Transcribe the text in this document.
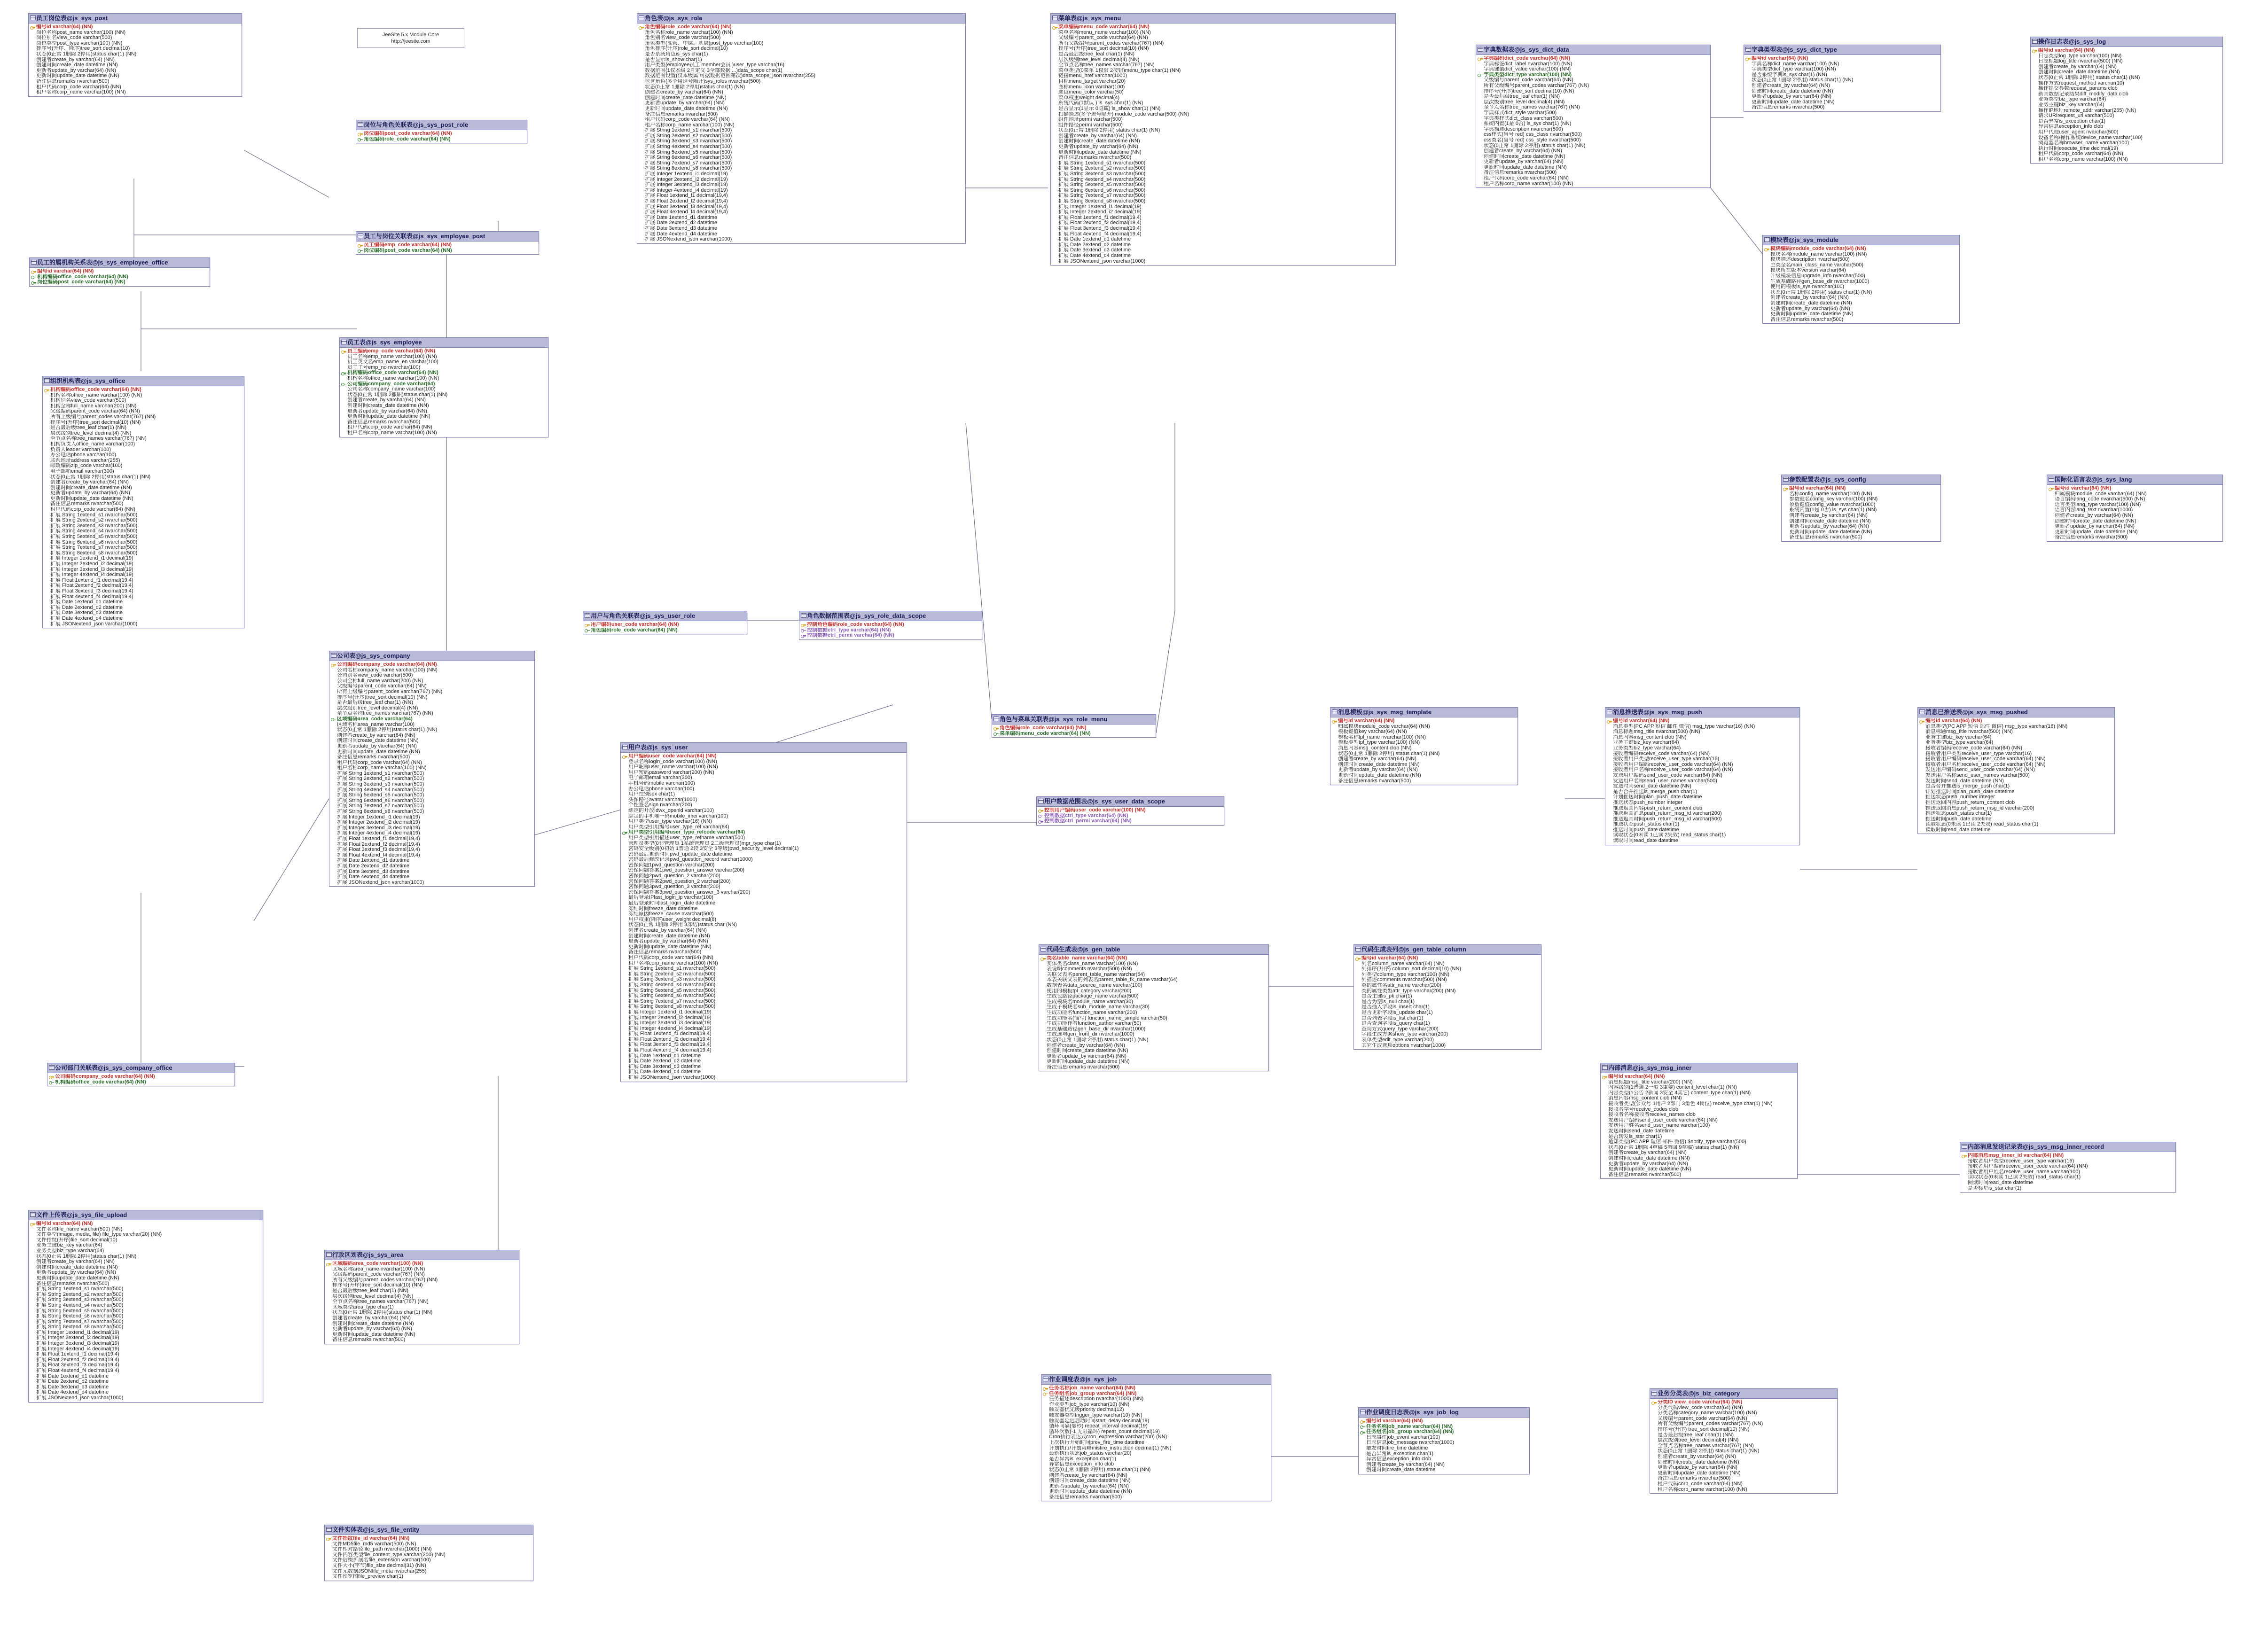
员工岗位表@js_sys_post
编号id varchar(64) (NN)
岗位名称post_name varchar(100) (NN)
岗位别名view_code varchar(500)
岗位类型post_type varchar(100) (NN)
排序号(升序、降序)tree_sort decimal(10)
状态(0正常 1删除 2停用)status char(1) (NN)
创建者create_by varchar(64) (NN)
创建时间create_date datetime (NN)
更新者update_by varchar(64) (NN)
更新时间update_date datetime (NN)
备注信息remarks nvarchar(500)
租户代码corp_code varchar(64) (NN)
租户名称corp_name varchar(100) (NN)
岗位与角色关联表@js_sys_post_role
岗位编码post_code varchar(64) (NN)
角色编码role_code varchar(64) (NN)
员工与岗位关联表@js_sys_employee_post
员工编码emp_code varchar(64) (NN)
岗位编码post_code varchar(64) (NN)
员工的属机构关系表@js_sys_employee_office
编号id varchar(64) (NN)
机构编码office_code varchar(64) (NN)
岗位编码post_code varchar(64) (NN)
员工表@js_sys_employee
员工编码emp_code varchar(64) (NN)
员工名称emp_name varchar(100) (NN)
员工英文名emp_name_en varchar(100)
员工工号emp_no nvarchar(100)
机构编码office_code varchar(64) (NN)
机构名称office_name varchar(100) (NN)
公司编码company_code varchar(64)
公司名称company_name varchar(100)
状态(0正常 1删除 2撤职)status char(1) (NN)
创建者create_by varchar(64) (NN)
创建时间create_date datetime (NN)
更新者update_by varchar(64) (NN)
更新时间update_date datetime (NN)
备注信息remarks nvarchar(500)
租户代码corp_code varchar(64) (NN)
租户名称corp_name varchar(100) (NN)
组织机构表@js_sys_office
机构编码office_code varchar(64) (NN)
机构名称office_name varchar(100) (NN)
机构别名view_code varchar(500)
机构全称full_name varchar(200) (NN)
父级编码parent_code varchar(64) (NN)
所有上级编号parent_codes varchar(767) (NN)
排序号(升序)tree_sort decimal(10) (NN)
是否最后级tree_leaf char(1) (NN)
层次级别tree_level decimal(4) (NN)
全节点名称tree_names varchar(767) (NN)
机构负责人office_name varchar(100)
负责人leader varchar(100)
办公电话phone varchar(100)
联系地址address varchar(255)
邮政编码zip_code varchar(100)
电子邮箱email varchar(300)
状态(0正常 1删除 2停用)status char(1) (NN)
创建者create_by varchar(64) (NN)
创建时间create_date datetime (NN)
更新者update_by varchar(64) (NN)
更新时间update_date datetime (NN)
备注信息remarks nvarchar(500)
租户代码corp_code varchar(64) (NN)
扩展 String 1extend_s1 nvarchar(500)
扩展 String 2extend_s2 nvarchar(500)
扩展 String 3extend_s3 nvarchar(500)
扩展 String 4extend_s4 nvarchar(500)
扩展 String 5extend_s5 nvarchar(500)
扩展 String 6extend_s6 nvarchar(500)
扩展 String 7extend_s7 nvarchar(500)
扩展 String 8extend_s8 nvarchar(500)
扩展 Integer 1extend_i1 decimal(19)
扩展 Integer 2extend_i2 decimal(19)
扩展 Integer 3extend_i3 decimal(19)
扩展 Integer 4extend_i4 decimal(19)
扩展 Float 1extend_f1 decimal(19,4)
扩展 Float 2extend_f2 decimal(19,4)
扩展 Float 3extend_f3 decimal(19,4)
扩展 Float 4extend_f4 decimal(19,4)
扩展 Date 1extend_d1 datetime
扩展 Date 2extend_d2 datetime
扩展 Date 3extend_d3 datetime
扩展 Date 4extend_d4 datetime
扩展 JSONextend_json varchar(1000)
公司表@js_sys_company
公司编码company_code varchar(64) (NN)
公司名称company_name varchar(100) (NN)
公司别名view_code varchar(500)
公司全称full_name varchar(200) (NN)
父级编号parent_code varchar(64) (NN)
所有上级编号parent_codes varchar(767) (NN)
排序号(升序)tree_sort decimal(10) (NN)
是否最后级tree_leaf char(1) (NN)
层次级别tree_level decimal(4) (NN)
全节点名称tree_names varchar(767) (NN)
区域编码area_code varchar(64)
区域名称area_name varchar(100)
状态(0正常 1删除 2停用)status char(1) (NN)
创建者create_by varchar(64) (NN)
创建时间create_date datetime (NN)
更新者update_by varchar(64) (NN)
更新时间update_date datetime (NN)
备注信息remarks nvarchar(500)
租户代码corp_code varchar(64) (NN)
租户名称corp_name varchar(100) (NN)
扩展 String 1extend_s1 nvarchar(500)
扩展 String 2extend_s2 nvarchar(500)
扩展 String 3extend_s3 nvarchar(500)
扩展 String 4extend_s4 nvarchar(500)
扩展 String 5extend_s5 nvarchar(500)
扩展 String 6extend_s6 nvarchar(500)
扩展 String 7extend_s7 nvarchar(500)
扩展 String 8extend_s8 nvarchar(500)
扩展 Integer 1extend_i1 decimal(19)
扩展 Integer 2extend_i2 decimal(19)
扩展 Integer 3extend_i3 decimal(19)
扩展 Integer 4extend_i4 decimal(19)
扩展 Float 1extend_f1 decimal(19,4)
扩展 Float 2extend_f2 decimal(19,4)
扩展 Float 3extend_f3 decimal(19,4)
扩展 Float 4extend_f4 decimal(19,4)
扩展 Date 1extend_d1 datetime
扩展 Date 2extend_d2 datetime
扩展 Date 3extend_d3 datetime
扩展 Date 4extend_d4 datetime
扩展 JSONextend_json varchar(1000)
公司部门关联表@js_sys_company_office
公司编码company_code varchar(64) (NN)
机构编码office_code varchar(64) (NN)
文件上传表@js_sys_file_upload
编号id varchar(64) (NN)
文件名称file_name varchar(500) (NN)
文件类型(image, media, file) file_type varchar(20) (NN)
文件指纹(升序)file_sort decimal(10)
业务主键biz_key varchar(64)
业务类型biz_type varchar(64)
状态(0正常 1删除 2停用)status char(1) (NN)
创建者create_by varchar(64) (NN)
创建时间create_date datetime (NN)
更新者update_by varchar(64) (NN)
更新时间update_date datetime (NN)
备注信息remarks nvarchar(500)
扩展 String 1extend_s1 nvarchar(500)
扩展 String 2extend_s2 nvarchar(500)
扩展 String 3extend_s3 nvarchar(500)
扩展 String 4extend_s4 nvarchar(500)
扩展 String 5extend_s5 nvarchar(500)
扩展 String 6extend_s6 nvarchar(500)
扩展 String 7extend_s7 nvarchar(500)
扩展 String 8extend_s8 nvarchar(500)
扩展 Integer 1extend_i1 decimal(19)
扩展 Integer 2extend_i2 decimal(19)
扩展 Integer 3extend_i3 decimal(19)
扩展 Integer 4extend_i4 decimal(19)
扩展 Float 1extend_f1 decimal(19,4)
扩展 Float 2extend_f2 decimal(19,4)
扩展 Float 3extend_f3 decimal(19,4)
扩展 Float 4extend_f4 decimal(19,4)
扩展 Date 1extend_d1 datetime
扩展 Date 2extend_d2 datetime
扩展 Date 3extend_d3 datetime
扩展 Date 4extend_d4 datetime
扩展 JSONextend_json varchar(1000)
行政区划表@js_sys_area
区域编码area_code varchar(100) (NN)
区域名称area_name nvarchar(100) (NN)
父级编码parent_code varchar(767) (NN)
所有父级编号parent_codes varchar(767) (NN)
排序号(升序)tree_sort decimal(10) (NN)
是否最后级tree_leaf char(1) (NN)
层次级别tree_level decimal(4) (NN)
全节点名称tree_names varchar(767) (NN)
区域类型area_type char(1)
状态(0正常 1删除 2停用)status char(1) (NN)
创建者create_by varchar(64) (NN)
创建时间create_date datetime (NN)
更新者update_by varchar(64) (NN)
更新时间update_date datetime (NN)
备注信息remarks nvarchar(500)
文件实体表@js_sys_file_entity
文件指纹file_id varchar(64) (NN)
文件MD5file_md5 varchar(500) (NN)
文件相对路径file_path nvarchar(1000) (NN)
文件内容类型file_content_type varchar(200) (NN)
文件后缀扩展名file_extension varchar(100)
文件大小(字节)file_size decimal(31) (NN)
文件元数据JSONfile_meta nvarchar(255)
文件预览图file_preview char(1)
角色表@js_sys_role
角色编码role_code varchar(64) (NN)
角色名称role_name varchar(100) (NN)
角色别名view_code varchar(500)
角色类型(高管、中层、基层)post_type varchar(100)
角色排序(升序)role_sort decimal(10)
是否系统角色is_sys char(1)
是否显示is_show char(1)
用户类型(employee员工 member会员 )user_type varchar(16)
数据范围(1仅本级 2自定义 3全部数据 ...)data_scope char(1)
数据范围设置(仅本级属 可据数据范围第次)data_scope_json nvarchar(255)
包含角色(多个用逗号隔开)sys_roles nvarchar(500)
状态(0正常 1删除 2停用)status char(1) (NN)
创建者create_by varchar(64) (NN)
创建时间create_date datetime (NN)
更新者update_by varchar(64) (NN)
更新时间update_date datetime (NN)
备注信息remarks nvarchar(500)
租户代码corp_code varchar(64) (NN)
租户名称corp_name varchar(100) (NN)
扩展 String 1extend_s1 nvarchar(500)
扩展 String 2extend_s2 nvarchar(500)
扩展 String 3extend_s3 nvarchar(500)
扩展 String 4extend_s4 nvarchar(500)
扩展 String 5extend_s5 nvarchar(500)
扩展 String 6extend_s6 nvarchar(500)
扩展 String 7extend_s7 nvarchar(500)
扩展 String 8extend_s8 nvarchar(500)
扩展 Integer 1extend_i1 decimal(19)
扩展 Integer 2extend_i2 decimal(19)
扩展 Integer 3extend_i3 decimal(19)
扩展 Integer 4extend_i4 decimal(19)
扩展 Float 1extend_f1 decimal(19,4)
扩展 Float 2extend_f2 decimal(19,4)
扩展 Float 3extend_f3 decimal(19,4)
扩展 Float 4extend_f4 decimal(19,4)
扩展 Date 1extend_d1 datetime
扩展 Date 2extend_d2 datetime
扩展 Date 3extend_d3 datetime
扩展 Date 4extend_d4 datetime
扩展 JSONextend_json varchar(1000)
用户与角色关联表@js_sys_user_role
用户编码user_code varchar(64) (NN)
角色编码role_code varchar(64) (NN)
角色数据范围表@js_sys_role_data_scope
控制角色编码role_code varchar(64) (NN)
控制数据ctrl_type varchar(64) (NN)
控制数据ctrl_permi varchar(64) (NN)
用户表@js_sys_user
用户编码user_code varchar(64) (NN)
登录名称login_code varchar(100) (NN)
用户昵称user_name varchar(100) (NN)
用户密码password varchar(200) (NN)
电子邮箱email varchar(300)
手机号码mobile varchar(100)
办公电话phone varchar(100)
用户性别sex char(1)
头像路径avatar varchar(1000)
个性签名sign nvarchar(200)
绑定的开放Idwx_openid varchar(100)
绑定的手机唯一码mobile_imei varchar(100)
用户类型user_type varchar(16) (NN)
用户类型引用编号user_type_ref varchar(64)
用户类型引用编号user_type_refcode varchar(64)
用户类型引用描述user_type_refname varchar(500)
管理员类型(0非管理员 1系统管理员 2二级管理员)mgr_type char(1)
密码安全级别(0初始 1普通 2较 3安全 3等级)pwd_security_level decimal(1)
密码最后更新时间pwd_update_date datetime
密码最后修改记录pwd_question_record varchar(1000)
密保问题1pwd_question varchar(200)
密保问题答案1pwd_question_answer varchar(200)
密保问题2pwd_question_2 varchar(200)
密保问题答案2pwd_question_2 varchar(200)
密保问题3pwd_question_3 varchar(200)
密保问题答案3pwd_question_answer_3 varchar(200)
最后登录IPlast_login_ip varchar(100)
最后登录时间last_login_date datetime
冻结时间freeze_date datetime
冻结原因freeze_cause nvarchar(500)
用户权重(降序)user_weight decimal(8)
状态(0正常 1删除 2停用 3冻结)status char (NN)
创建者create_by varchar(64) (NN)
创建时间create_date datetime (NN)
更新者update_by varchar(64) (NN)
更新时间update_date datetime (NN)
备注信息remarks nvarchar(500)
租户代码corp_code varchar(64) (NN)
租户名称corp_name varchar(100) (NN)
扩展 String 1extend_s1 nvarchar(500)
扩展 String 2extend_s2 nvarchar(500)
扩展 String 3extend_s3 nvarchar(500)
扩展 String 4extend_s4 nvarchar(500)
扩展 String 5extend_s5 nvarchar(500)
扩展 String 6extend_s6 nvarchar(500)
扩展 String 7extend_s7 nvarchar(500)
扩展 String 8extend_s8 nvarchar(500)
扩展 Integer 1extend_i1 decimal(19)
扩展 Integer 2extend_i2 decimal(19)
扩展 Integer 3extend_i3 decimal(19)
扩展 Integer 4extend_i4 decimal(19)
扩展 Float 1extend_f1 decimal(19,4)
扩展 Float 2extend_f2 decimal(19,4)
扩展 Float 3extend_f3 decimal(19,4)
扩展 Float 4extend_f4 decimal(19,4)
扩展 Date 1extend_d1 datetime
扩展 Date 2extend_d2 datetime
扩展 Date 3extend_d3 datetime
扩展 Date 4extend_d4 datetime
扩展 JSONextend_json varchar(1000)
菜单表@js_sys_menu
菜单编码menu_code varchar(64) (NN)
菜单名称menu_name varchar(100) (NN)
父级编号parent_code varchar(64) (NN)
所有父级编号parent_codes varchar(767) (NN)
排序号(升序)tree_sort decimal(10) (NN)
是否最后级tree_leaf char(1) (NN)
层次级别tree_level decimal(4) (NN)
全节点名称tree_names varchar(767) (NN)
菜单类型(0菜单 1权限 2按钮)menu_type char(1) (NN)
链接menu_href varchar(1000)
目标menu_target varchar(20)
图标menu_icon varchar(100)
颜色menu_color varchar(50)
菜单权重weight decimal(4)
系统代码(1默认 ) is_sys char(1) (NN)
是否显示(1显示 0隐藏) is_show char(1) (NN)
扫描描述(多个逗号隔开) module_code varchar(500) (NN)
组件地址permi varchar(500)
组件路径permi varchar(500)
状态(0正常 1删除 2停用) status char(1) (NN)
创建者create_by varchar(64) (NN)
创建时间create_date datetime (NN)
更新者update_by varchar(64) (NN)
更新时间update_date datetime (NN)
备注信息remarks nvarchar(500)
扩展 String 1extend_s1 nvarchar(500)
扩展 String 2extend_s2 nvarchar(500)
扩展 String 3extend_s3 nvarchar(500)
扩展 String 4extend_s4 nvarchar(500)
扩展 String 5extend_s5 nvarchar(500)
扩展 String 6extend_s6 nvarchar(500)
扩展 String 7extend_s7 nvarchar(500)
扩展 String 8extend_s8 nvarchar(500)
扩展 Integer 1extend_i1 decimal(19)
扩展 Integer 2extend_i2 decimal(19)
扩展 Float 1extend_f1 decimal(19,4)
扩展 Float 2extend_f2 decimal(19,4)
扩展 Float 3extend_f3 decimal(19,4)
扩展 Float 4extend_f4 decimal(19,4)
扩展 Date 1extend_d1 datetime
扩展 Date 2extend_d2 datetime
扩展 Date 3extend_d3 datetime
扩展 Date 4extend_d4 datetime
扩展 JSONextend_json varchar(1000)
角色与菜单关联表@js_sys_role_menu
角色编码role_code varchar(64) (NN)
菜单编码menu_code varchar(64) (NN)
用户数据范围表@js_sys_user_data_scope
控制用户编码user_code varchar(100) (NN)
控制数据ctrl_type varchar(64) (NN)
控制数据ctrl_permi varchar(64) (NN)
字典数据表@js_sys_dict_data
字典编码dict_code varchar(64) (NN)
字典标签dict_label nvarchar(100) (NN)
字典键值dict_value varchar(100) (NN)
字典类型dict_type varchar(100) (NN)
父级编号parent_code varchar(64) (NN)
所有父级编号parent_codes varchar(767) (NN)
排序号(升序)tree_sort decimal(10) (NN)
是否最后级tree_leaf char(1) (NN)
层次级别tree_level decimal(4) (NN)
全节点名称tree_names varchar(767) (NN)
字典样式dict_style varchar(500)
字典类样式dict_class varchar(500)
系统内置(1是 0否) is_sys char(1) (NN)
字典描述description nvarchar(500)
css样式(冒号 red) css_class nvarchar(500)
css类名(冒号 red) css_style nvarchar(500)
状态(0正常 1删除 2停用) status char(1) (NN)
创建者create_by varchar(64) (NN)
创建时间create_date datetime (NN)
更新者update_by varchar(64) (NN)
更新时间update_date datetime (NN)
备注信息remarks nvarchar(500)
租户代码corp_code varchar(64) (NN)
租户名称corp_name varchar(100) (NN)
字典类型表@js_sys_dict_type
编号id varchar(64) (NN)
字典名称dict_name varchar(100) (NN)
字典类型dict_type varchar(100) (NN)
是否系统字典is_sys char(1) (NN)
状态(0正常 1删除 2停用) status char(1) (NN)
创建者create_by varchar(64) (NN)
创建时间create_date datetime (NN)
更新者update_by varchar(64) (NN)
更新时间update_date datetime (NN)
备注信息remarks nvarchar(500)
操作日志表@js_sys_log
编号id varchar(64) (NN)
日志类型log_type varchar(100) (NN)
日志标题log_title nvarchar(500) (NN)
创建者create_by varchar(64) (NN)
创建时间create_date datetime (NN)
状态(0正常 1删除 2停用) status char(1) (NN)
操作方式request_method varchar(10)
操作提交参数request_params clob
新回数据记录结果diff_modify_data clob
业务类型biz_type varchar(64)
业务主键biz_key varchar(64)
操作IP地址remote_addr varchar(255) (NN)
请求URIrequest_uri varchar(500)
是否异常is_exception char(1)
异常信息exception_info clob
用户代理user_agent nvarchar(500)
设备名称/操作系统device_name varchar(100)
浏览器名称browser_name varchar(100)
执行时间execute_time decimal(19)
租户代码corp_code varchar(64) (NN)
租户名称corp_name varchar(100) (NN)
模块表@js_sys_module
模块编码module_code varchar(64) (NN)
模块名称module_name varchar(100) (NN)
模块描述description nvarchar(500)
主类全名main_class_name varchar(500)
模块所在版本version varchar(64)
升级模块信息upgrade_info nvarchar(500)
生成基础路径gen_base_dir nvarchar(1000)
使用的模板is_sys nvarchar(100)
状态(0正常 1删除 2停用) status char(1) (NN)
创建者create_by varchar(64) (NN)
创建时间create_date datetime (NN)
更新者update_by varchar(64) (NN)
更新时间update_date datetime (NN)
备注信息remarks nvarchar(500)
参数配置表@js_sys_config
编号id varchar(64) (NN)
名称config_name varchar(100) (NN)
参数键名config_key varchar(100) (NN)
参数键值config_value nvarchar(1000)
系统内置(1是 0否) is_sys char(1) (NN)
创建者create_by varchar(64) (NN)
创建时间create_date datetime (NN)
更新者update_by varchar(64) (NN)
更新时间update_date datetime (NN)
备注信息remarks nvarchar(500)
国际化语言表@js_sys_lang
编号id varchar(64) (NN)
归属模块module_code varchar(64) (NN)
语言编码lang_code nvarchar(500) (NN)
语言类型lang_type varchar(100) (NN)
语言内容lang_text nvarchar(1000)
创建者create_by varchar(64) (NN)
创建时间create_date datetime (NN)
更新者update_by varchar(64) (NN)
更新时间update_date datetime (NN)
备注信息remarks nvarchar(500)
消息模板@js_sys_msg_template
编号id varchar(64) (NN)
归属模块module_code varchar(64) (NN)
模板键值key varchar(64) (NN)
模板名称tpl_name nvarchar(100) (NN)
模板类型tpl_type varchar(100) (NN)
消息内容msg_content clob (NN)
状态(0正常 1删除 2停用) status char(1) (NN)
创建者create_by varchar(64) (NN)
创建时间create_date datetime (NN)
更新者update_by varchar(64) (NN)
更新时间update_date datetime (NN)
备注信息remarks nvarchar(500)
消息推送表@js_sys_msg_push
编号id varchar(64) (NN)
消息类型(PC APP 短信 邮件 微信) msg_type varchar(16) (NN)
消息标题msg_title nvarchar(500) (NN)
消息内容msg_content clob (NN)
业务主键biz_key varchar(64)
业务类型biz_type varchar(64)
接收者编码receive_code varchar(64) (NN)
接收者用户类型receive_user_type varchar(16)
接收者用户编码receive_user_code varchar(64) (NN)
接收者用户名称receive_user_code varchar(64) (NN)
发送用户编码send_user_code varchar(64) (NN)
发送用户名称send_user_names varchar(500)
发送时间send_date datetime (NN)
是否合并推送is_merge_push char(1)
计划推送时间plan_push_date datetime
推送状态push_number integer
推送返回内容push_return_content clob
推送返回消息push_return_msg_id varchar(200)
推送返回时间push_return_msg_id varchar(500)
推送状态push_status char(1)
推送时间push_date datetime
读取状态(0未读 1已读 2失效) read_status char(1)
读取时间read_date datetime
消息已推送表@js_sys_msg_pushed
编号id varchar(64) (NN)
消息类型(PC APP 短信 邮件 微信) msg_type varchar(16) (NN)
消息标题msg_title nvarchar(500) (NN)
业务主键biz_key varchar(64)
业务类型biz_type varchar(64)
接收者编码receive_code varchar(64) (NN)
接收者用户类型receive_user_type varchar(16)
接收者用户编码receive_user_code varchar(64) (NN)
接收者用户名称receive_user_code varchar(64) (NN)
发送用户编码send_user_code varchar(64) (NN)
发送用户名称send_user_names varchar(500)
发送时间send_date datetime (NN)
是否合并推送is_merge_push char(1)
计划推送时间plan_push_date datetime
推送状态push_number integer
推送返回内容push_return_content clob
推送返回消息push_return_msg_id varchar(200)
推送状态push_status char(1)
推送时间push_date datetime
读取状态(0未读 1已读 2失效) read_status char(1)
读取时间read_date datetime
内部消息@js_sys_msg_inner
编号id varchar(64) (NN)
消息标题msg_title varchar(200) (NN)
内容级别(1普通 2一般 3重要) content_level char(1) (NN)
内容类型(1公告 2新闻 3安全 4其它) content_type char(1) (NN)
消息内容msg_content clob (NN)
接收者类型(公众号 1用户 2部门 3角色 4岗位) receive_type char(1) (NN)
接收者学号receive_codes clob
接收者名称接收者receive_names clob
发送用户编码send_user_code varchar(64) (NN)
发送用户姓名send_user_name varchar(100)
发送时间send_date datetime
是否转发is_star char(1)
通知类型(PC APP 短信 邮件 微信) $notify_type varchar(500)
状态(0正常 1删除 4草稿 5撤回 9草稿) status char(1) (NN)
创建者create_by varchar(64) (NN)
创建时间create_date datetime (NN)
更新者update_by varchar(64) (NN)
更新时间update_date datetime (NN)
备注信息remarks nvarchar(500)
内部消息发送记录表@js_sys_msg_inner_record
内部消息msg_inner_id varchar(64) (NN)
接收者用户类型receive_user_type varchar(16)
接收者用户编码receive_user_code varchar(64) (NN)
接收者用户姓名receive_user_name varchar(100)
读取状态(0未读 1已读 2失效) read_status char(1)
阅读时间read_date datetime
是否标星is_star char(1)
代码生成表@js_gen_table
类名table_name varchar(64) (NN)
实体类名class_name varchar(100) (NN)
表说明comments nvarchar(500) (NN)
关联父表名parent_table_name varchar(64)
本表关联父表的列表名parent_table_fk_name varchar(64)
数据表名data_source_name varchar(100)
使用的模板tpl_category varchar(200)
生成包路径package_name varchar(500)
生成模块名module_name varchar(30)
生成子模块名sub_module_name varchar(30)
生成功能名function_name varchar(200)
生成功能名(简写) function_name_simple varchar(50)
生成功能作者function_author varchar(50)
生成基础路径gen_base_dir nvarchar(1000)
生成选项gen_front_dir nvarchar(1000)
状态(0正常 1删除 2停用) status char(1) (NN)
创建者create_by varchar(64) (NN)
创建时间create_date datetime (NN)
更新者update_by varchar(64) (NN)
更新时间update_date datetime (NN)
备注信息remarks nvarchar(500)
代码生成表列@js_gen_table_column
编号id varchar(64) (NN)
列名column_name varchar(64) (NN)
列排序(升序) column_sort decimal(10) (NN)
列类型column_type varchar(100) (NN)
列描述comments nvarchar(500) (NN)
类的属性名attr_name varchar(200)
类的属性类型attr_type varchar(200) (NN)
是否主键is_pk char(1)
是否为空is_null char(1)
是否插入字段is_insert char(1)
是否更新字段is_update char(1)
是否列表字段is_list char(1)
是否查询字段is_query char(1)
查询方式query_type varchar(200)
字段生成方案show_type varchar(200)
表单类型edit_type varchar(200)
其它生成选项options nvarchar(1000)
作业调度表@js_sys_job
任务名称job_name varchar(64) (NN)
任务组名job_group varchar(64) (NN)
任务描述description nvarchar(1000) (NN)
作业类型job_type varchar(10) (NN)
触发器优先级priority decimal(12)
触发器类型trigger_type varchar(10) (NN)
触发器延迟启动时间start_delay decimal(19)
循环间隔(毫秒) repeat_interval decimal(19)
循环次数(-1 无限循环) repeat_count decimal(19)
Cron执行表达式cron_expression varchar(200) (NN)
上次执行开始时间prev_fire_time datetime
计划执行/计划策略misfire_instruction decimal(1) (NN)
最新执行状态job_status varchar(20)
是否异常is_exception char(1)
异常信息exception_info clob
状态(0正常 1删除 2停用) status char(1) (NN)
创建者create_by varchar(64) (NN)
创建时间create_date datetime (NN)
更新者update_by varchar(64) (NN)
更新时间update_date datetime (NN)
备注信息remarks nvarchar(500)
作业调度日志表@js_sys_job_log
编号id varchar(64) (NN)
任务名称job_name varchar(64) (NN)
任务组名job_group varchar(64) (NN)
日志事件job_event varchar(100)
日志信息job_message nvarchar(1000)
触发时间fire_time datetime
是否异常is_exception char(1)
异常信息exception_info clob
创建者create_by varchar(64) (NN)
创建时间create_date datetime
业务分类表@js_biz_category
分类ID view_code varchar(64) (NN)
分类代码view_code varchar(64) (NN)
分类名称category_name varchar(100) (NN)
父级编号parent_code varchar(64) (NN)
所有父级编号parent_codes varchar(767) (NN)
排序号(升序) tree_sort decimal(10) (NN)
是否最后级tree_leaf char(1) (NN)
层次级别tree_level decimal(4) (NN)
全节点名称tree_names varchar(767) (NN)
状态(0正常 1删除 2停用) status char(1) (NN)
创建者create_by varchar(64) (NN)
创建时间create_date datetime (NN)
更新者update_by varchar(64) (NN)
更新时间update_date datetime (NN)
备注信息remarks nvarchar(500)
租户代码corp_code varchar(64) (NN)
租户名称corp_name varchar(100) (NN)
JeeSite 5.x Module Core
http://jeesite.com
